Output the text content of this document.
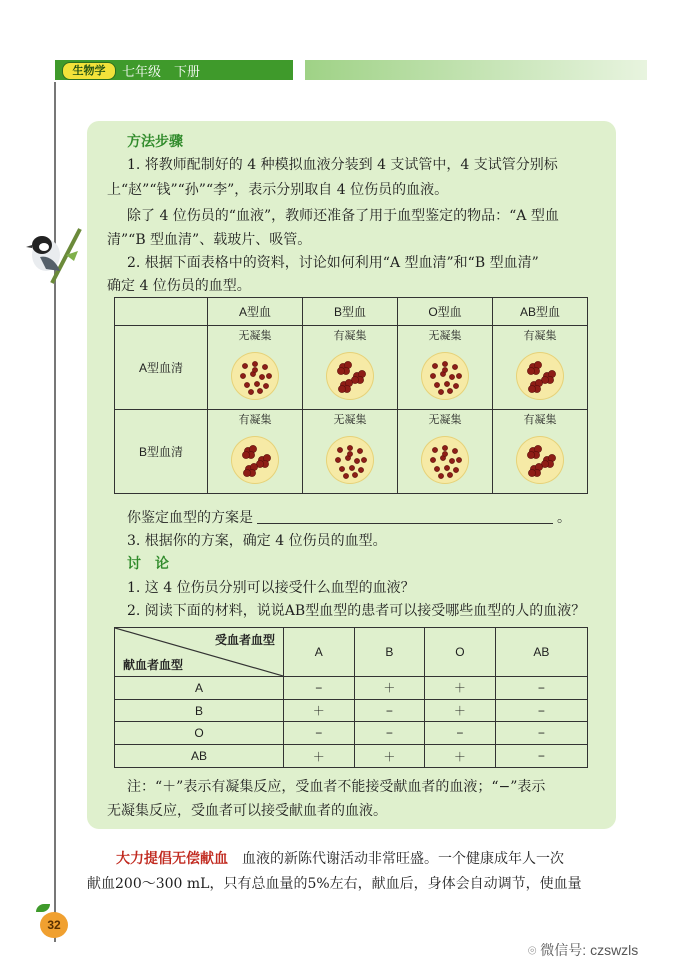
生物学	七年级　下册
方法步骤
1. 将教师配制好的 4 种模拟血液分装到 4 支试管中，4 支试管分别标
上“赵”“钱”“孙”“李”，表示分别取自 4 位伤员的血液。
除了 4 位伤员的“血液”，教师还准备了用于血型鉴定的物品：“A 型血
清”“B 型血清”、载玻片、吸管。
2. 根据下面表格中的资料，讨论如何利用“A 型血清”和“B 型血清”
确定 4 位伤员的血型。
	A型血	B型血	O型血	AB型血
A型血清	无凝集	有凝集	无凝集	有凝集

B型血清	有凝集	无凝集	无凝集	有凝集

你鉴定血型的方案是	。
3. 根据你的方案，确定 4 位伤员的血型。
讨　论
1. 这 4 位伤员分别可以接受什么血型的血液？
2. 阅读下面的材料，说说AB型血型的患者可以接受哪些血型的人的血液？
受血者血型
献血者血型	A	B	O	AB
A	−	＋	＋	−
B	＋	−	＋	−
O	−	−	−	−
AB	＋	＋	＋	−
注：“＋”表示有凝集反应，受血者不能接受献血者的血液；“−”表示
无凝集反应，受血者可以接受献血者的血液。
大力提倡无偿献血　血液的新陈代谢活动非常旺盛。一个健康成年人一次
献血200～300 mL，只有总血量的5%左右，献血后，身体会自动调节，使血量
32
⌾ 微信号: czswzls
